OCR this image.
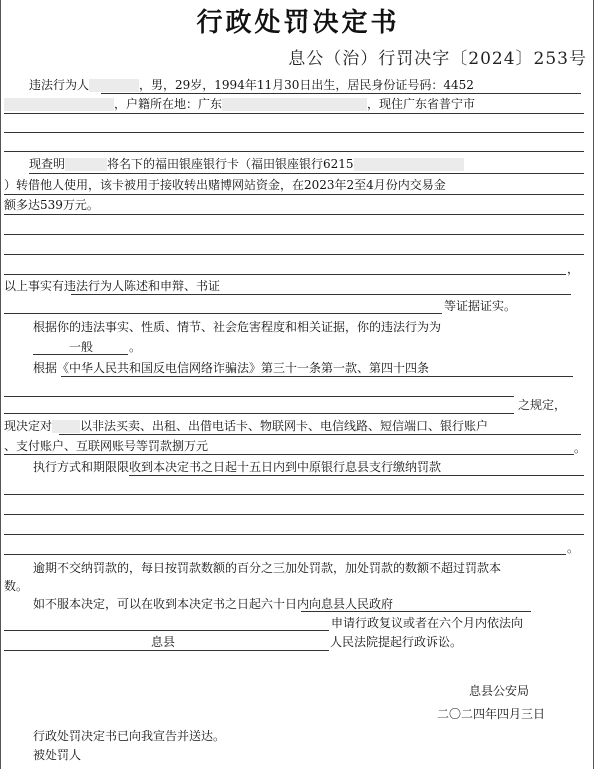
行政处罚决定书
息公（治）行罚决字〔2024〕253号
违法行为人	，男，29岁，1994年11月30日出生，居民身份证号码：4452
，户籍所在地：广东	，现住广东省普宁市
现查明	将名下的福田银座银行卡（福田银座银行6215
）转借他人使用，该卡被用于接收转出赌博网站资金，在2023年2至4月份内交易金
额多达539万元。
，
以上事实有违法行为人陈述和申辩、书证
等证据证实。
根据你的违法事实、性质、情节、社会危害程度和相关证据，你的违法行为为
一般	。
根据《中华人民共和国反电信网络诈骗法》第三十一条第一款、第四十四条
之规定，
现决定对 以非法买卖、出租、出借电话卡、物联网卡、电信线路、短信端口、银行账户
、支付账户、互联网账号等罚款捌万元	。
执行方式和期限限收到本决定书之日起十五日内到中原银行息县支行缴纳罚款
。
逾期不交纳罚款的，每日按罚款数额的百分之三加处罚款，加处罚款的数额不超过罚款本
数。
如不服本决定，可以在收到本决定书之日起六十日内向息县人民政府
申请行政复议或者在六个月内依法向
息县	人民法院提起行政诉讼。
息县公安局
二〇二四年四月三日
行政处罚决定书已向我宣告并送达。
被处罚人
